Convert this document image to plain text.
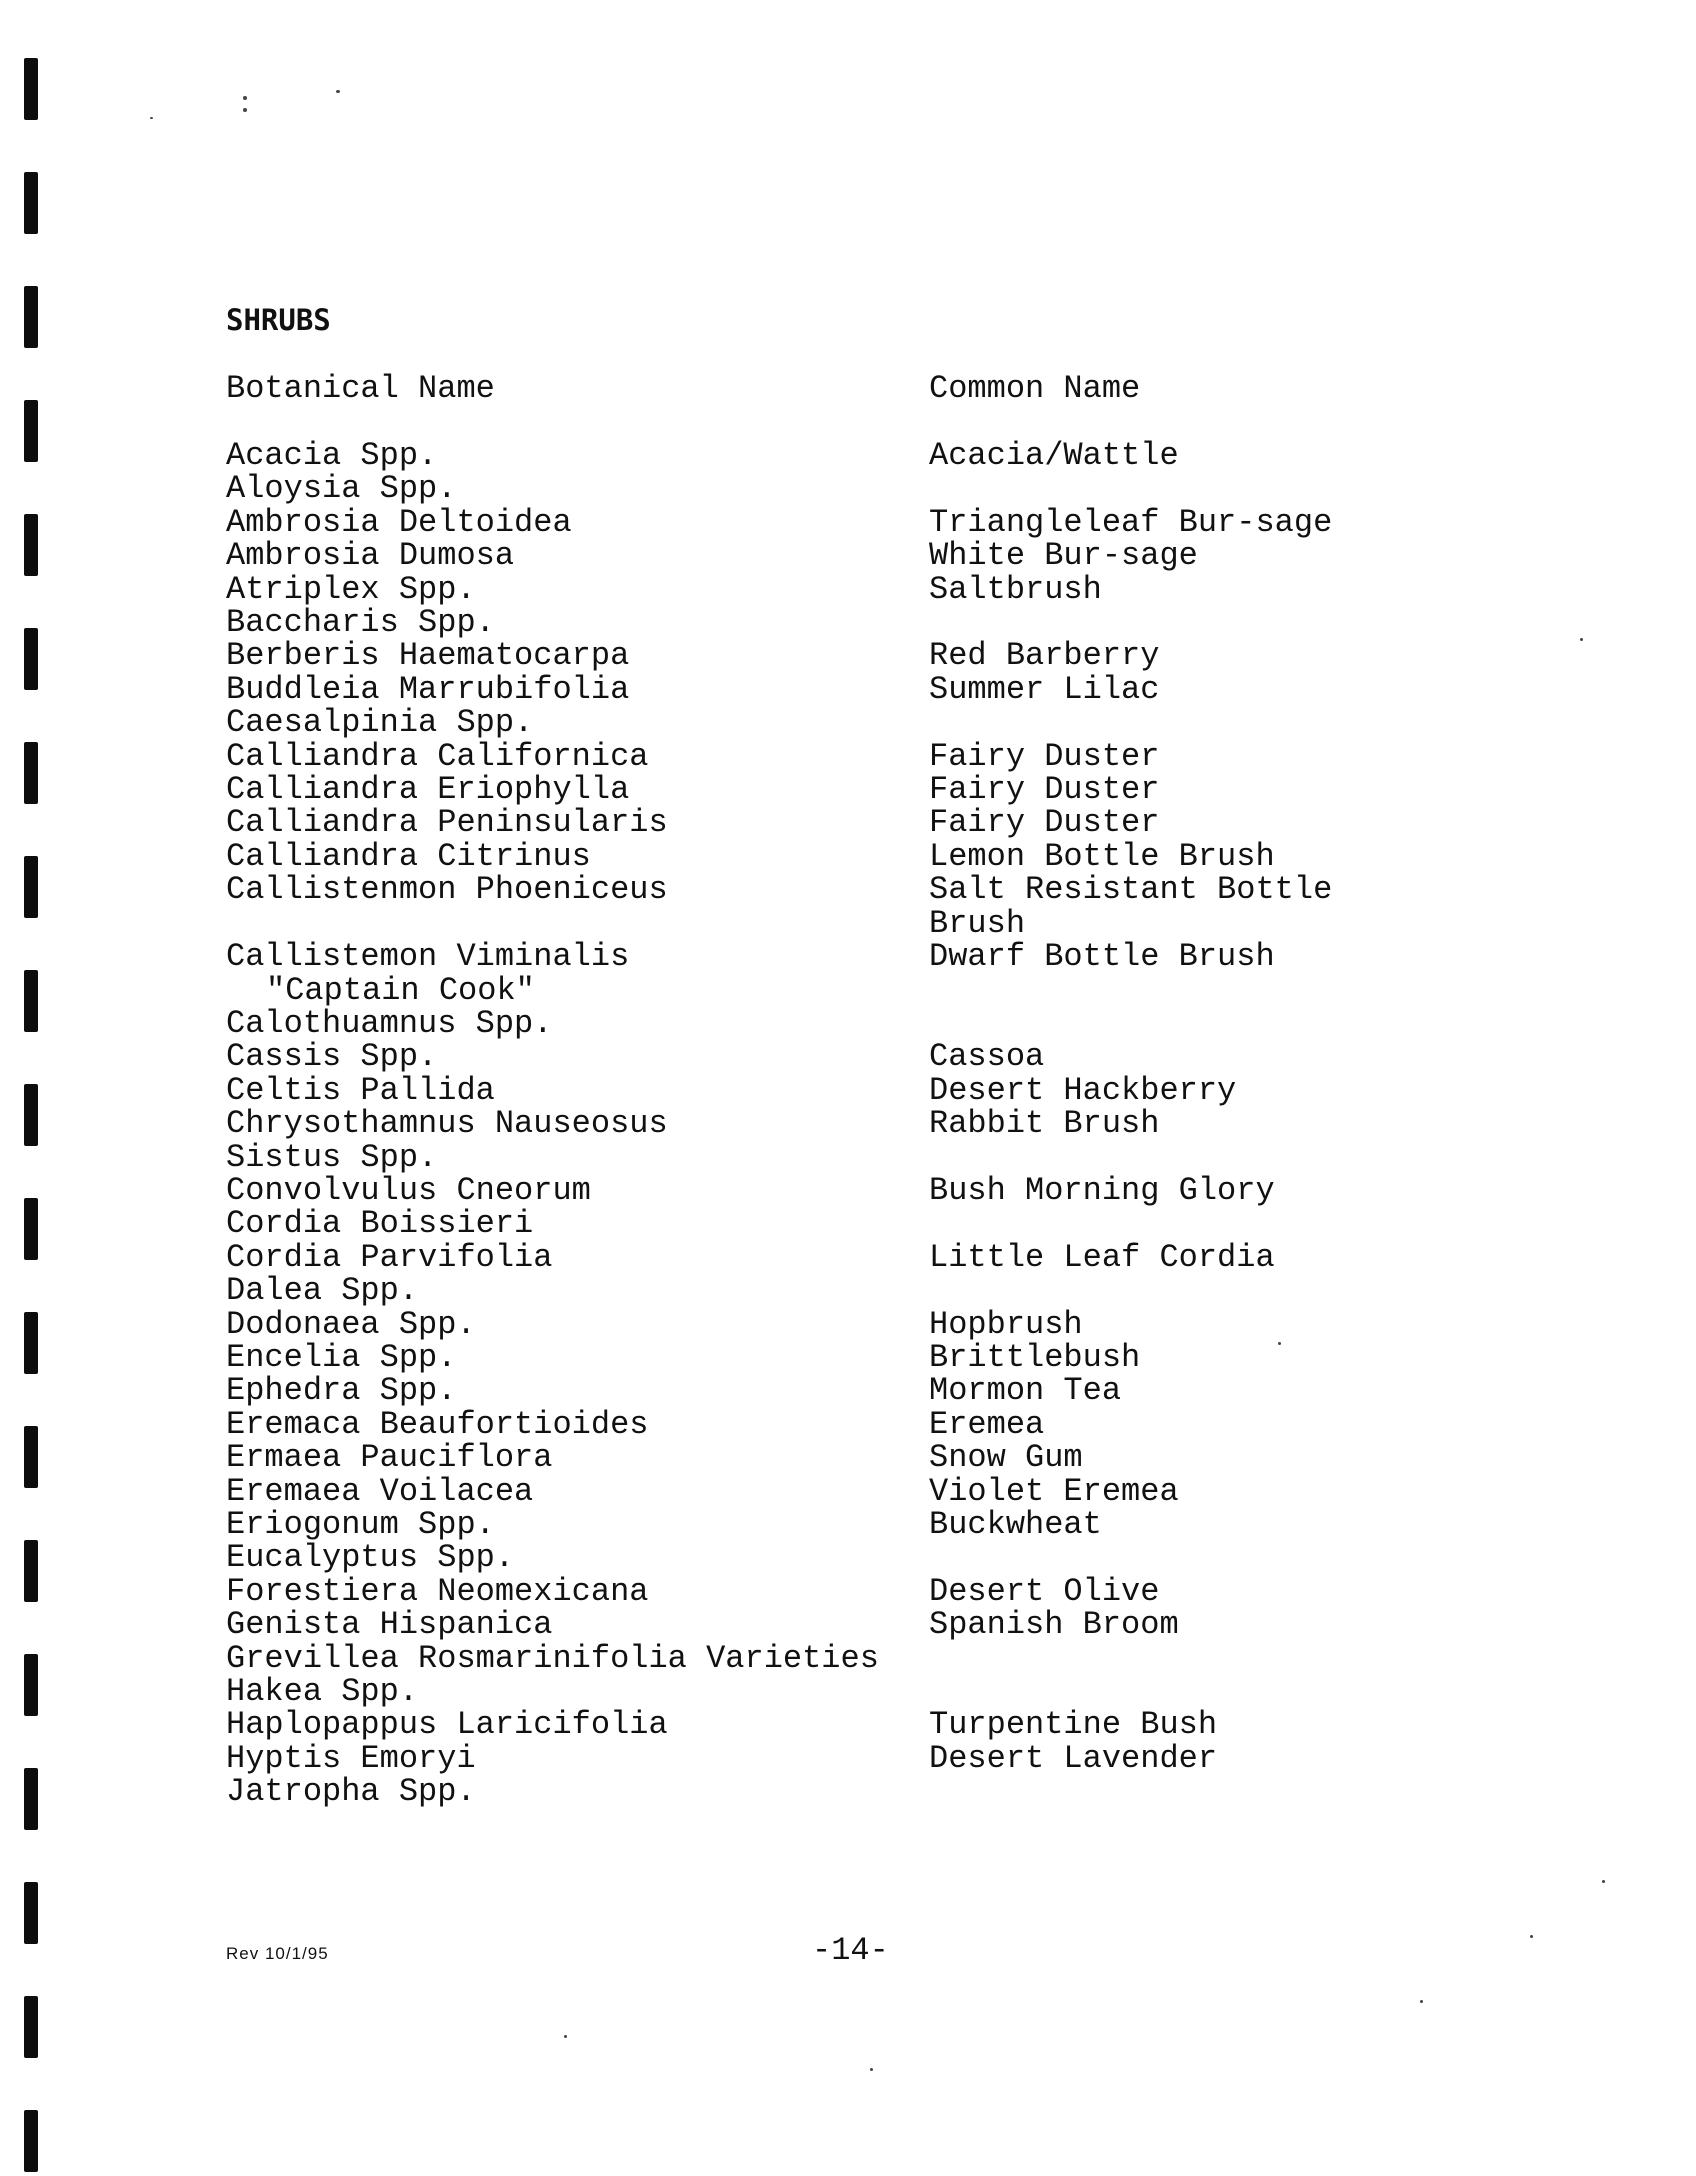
SHRUBS
Botanical Name	Common Name
Acacia Spp.	Acacia/Wattle
Aloysia Spp.
Ambrosia Deltoidea	Triangleleaf Bur-sage
Ambrosia Dumosa	White Bur-sage
Atriplex Spp.	Saltbrush
Baccharis Spp.
Berberis Haematocarpa	Red Barberry
Buddleia Marrubifolia	Summer Lilac
Caesalpinia Spp.
Calliandra Californica	Fairy Duster
Calliandra Eriophylla	Fairy Duster
Calliandra Peninsularis	Fairy Duster
Calliandra Citrinus	Lemon Bottle Brush
Callistenmon Phoeniceus	Salt Resistant Bottle Brush
Callistemon Viminalis	Dwarf Bottle Brush
"Captain Cook"
Calothuamnus Spp.
Cassis Spp.	Cassoa
Celtis Pallida	Desert Hackberry
Chrysothamnus Nauseosus	Rabbit Brush
Sistus Spp.
Convolvulus Cneorum	Bush Morning Glory
Cordia Boissieri
Cordia Parvifolia	Little Leaf Cordia
Dalea Spp.
Dodonaea Spp.	Hopbrush
Encelia Spp.	Brittlebush
Ephedra Spp.	Mormon Tea
Eremaca Beaufortioides	Eremea
Ermaea Pauciflora	Snow Gum
Eremaea Voilacea	Violet Eremea
Eriogonum Spp.	Buckwheat
Eucalyptus Spp.
Forestiera Neomexicana	Desert Olive
Genista Hispanica	Spanish Broom
Grevillea Rosmarinifolia Varieties
Hakea Spp.
Haplopappus Laricifolia	Turpentine Bush
Hyptis Emoryi	Desert Lavender
Jatropha Spp.
Rev 10/1/95	-14-
